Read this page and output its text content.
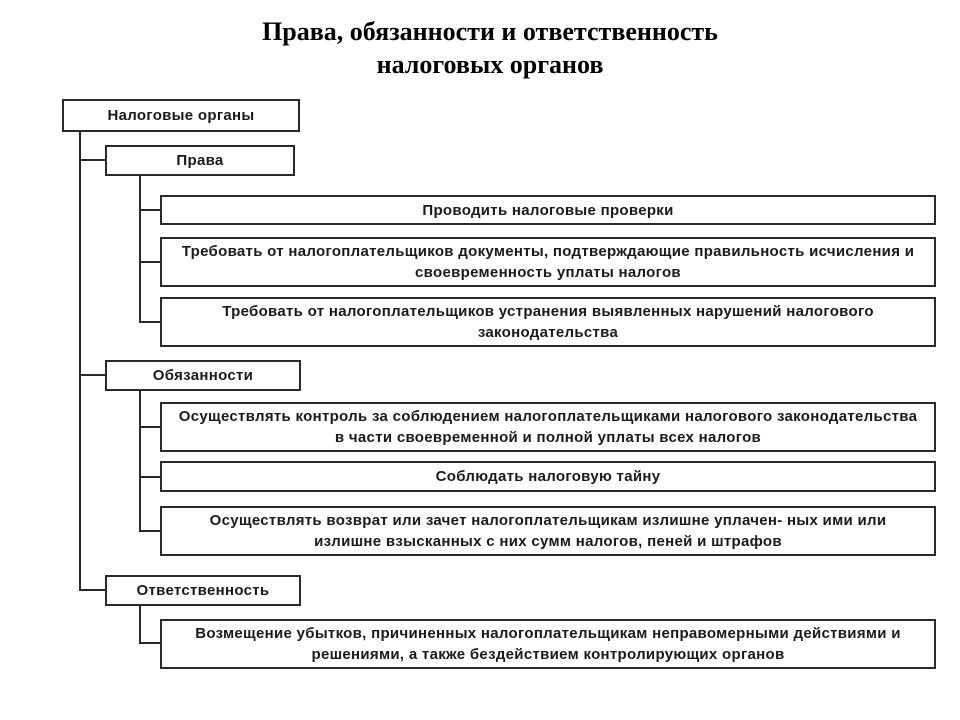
Права, обязанности и ответственность
налоговых органов
Налоговые органы
Права
Проводить налоговые проверки
Требовать от налогоплательщиков документы, подтверждающие правильность исчисления и своевременность уплаты налогов
Требовать от налогоплательщиков устранения выявленных нарушений налогового законодательства
Обязанности
Осуществлять контроль за соблюдением налогоплательщиками налогового законодательства в части своевременной и полной уплаты всех налогов
Соблюдать налоговую тайну
Осуществлять возврат или зачет налогоплательщикам излишне уплачен- ных ими или излишне взысканных с них сумм налогов, пеней и штрафов
Ответственность
Возмещение убытков, причиненных налогоплательщикам неправомерными действиями и решениями, а также бездействием контролирующих органов
